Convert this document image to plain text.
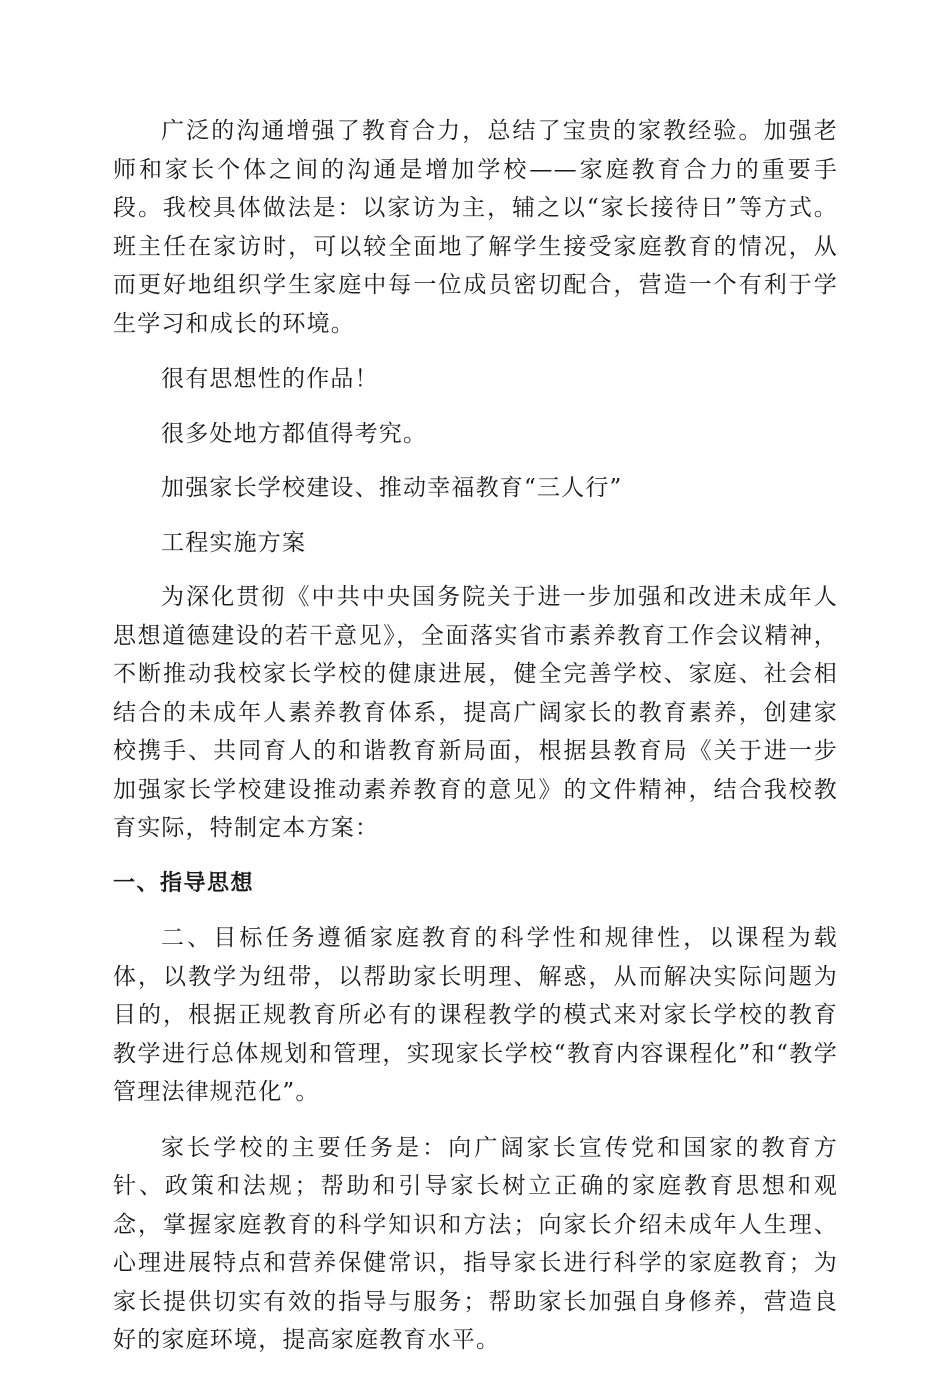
广泛的沟通增强了教育合力，总结了宝贵的家教经验。加强老师和家长个体之间的沟通是增加学校——家庭教育合力的重要手段。我校具体做法是：以家访为主，辅之以“家长接待日”等方式。班主任在家访时，可以较全面地了解学生接受家庭教育的情况，从而更好地组织学生家庭中每一位成员密切配合，营造一个有利于学生学习和成长的环境。

很有思想性的作品！

很多处地方都值得考究。

加强家长学校建设、推动幸福教育“三人行”

工程实施方案

为深化贯彻《中共中央国务院关于进一步加强和改进未成年人思想道德建设的若干意见》，全面落实省市素养教育工作会议精神，不断推动我校家长学校的健康进展，健全完善学校、家庭、社会相结合的未成年人素养教育体系，提高广阔家长的教育素养，创建家校携手、共同育人的和谐教育新局面，根据县教育局《关于进一步加强家长学校建设推动素养教育的意见》的文件精神，结合我校教育实际，特制定本方案：

一、指导思想

二、目标任务遵循家庭教育的科学性和规律性，以课程为载体，以教学为纽带，以帮助家长明理、解惑，从而解决实际问题为目的，根据正规教育所必有的课程教学的模式来对家长学校的教育教学进行总体规划和管理，实现家长学校“教育内容课程化”和“教学管理法律规范化”。

家长学校的主要任务是：向广阔家长宣传党和国家的教育方针、政策和法规；帮助和引导家长树立正确的家庭教育思想和观念，掌握家庭教育的科学知识和方法；向家长介绍未成年人生理、心理进展特点和营养保健常识，指导家长进行科学的家庭教育；为家长提供切实有效的指导与服务；帮助家长加强自身修养，营造良好的家庭环境，提高家庭教育水平。
